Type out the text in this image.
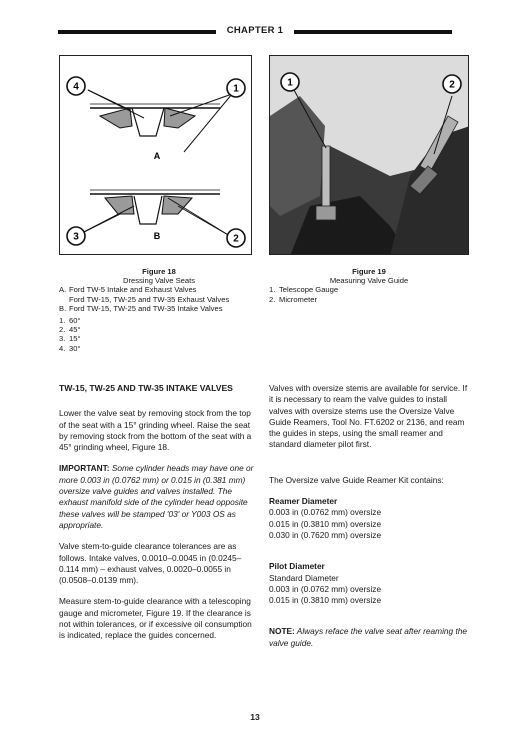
CHAPTER 1
4	1
A
3	2
B
1	2
Figure 18
Dressing Valve Seats
A. Ford TW-5 Intake and Exhaust Valves
Ford TW-15, TW-25 and TW-35 Exhaust Valves
B. Ford TW-15, TW-25 and TW-35 Intake Valves
1. 60°
2. 45°
3. 15°
4. 30°
Figure 19
Measuring Valve Guide
1. Telescope Gauge
2. Micrometer
TW-15, TW-25 AND TW-35 INTAKE VALVES

Lower the valve seat by removing stock from the top of the seat with a 15° grinding wheel. Raise the seat by removing stock from the bottom of the seat with a 45° grinding wheel, Figure 18.

IMPORTANT: Some cylinder heads may have one or more 0.003 in (0.0762 mm) or 0.015 in (0.381 mm) oversize valve guides and valves installed. The exhaust manifold side of the cylinder head opposite these valves will be stamped '03' or Y003 OS as appropriate.

Valve stem-to-guide clearance tolerances are as follows. Intake valves, 0.0010–0.0045 in (0.0245–0.114 mm) – exhaust valves, 0.0020–0.0055 in (0.0508–0.0139 mm).

Measure stem-to-guide clearance with a telescoping gauge and micrometer, Figure 19. If the clearance is not within tolerances, or if excessive oil consumption is indicated, replace the guides concerned.

Valves with oversize stems are available for service. If it is necessary to ream the valve guides to install valves with oversize stems use the Oversize Valve Guide Reamers, Tool No. FT.6202 or 2136, and ream the guides in steps, using the small reamer and standard diameter pilot first.

The Oversize valve Guide Reamer Kit contains:

Reamer Diameter
0.003 in (0.0762 mm) oversize
0.015 in (0.3810 mm) oversize
0.030 in (0.7620 mm) oversize
Pilot Diameter
Standard Diameter
0.003 in (0.0762 mm) oversize
0.015 in (0.3810 mm) oversize

NOTE: Always reface the valve seat after reaming the valve guide.

13
